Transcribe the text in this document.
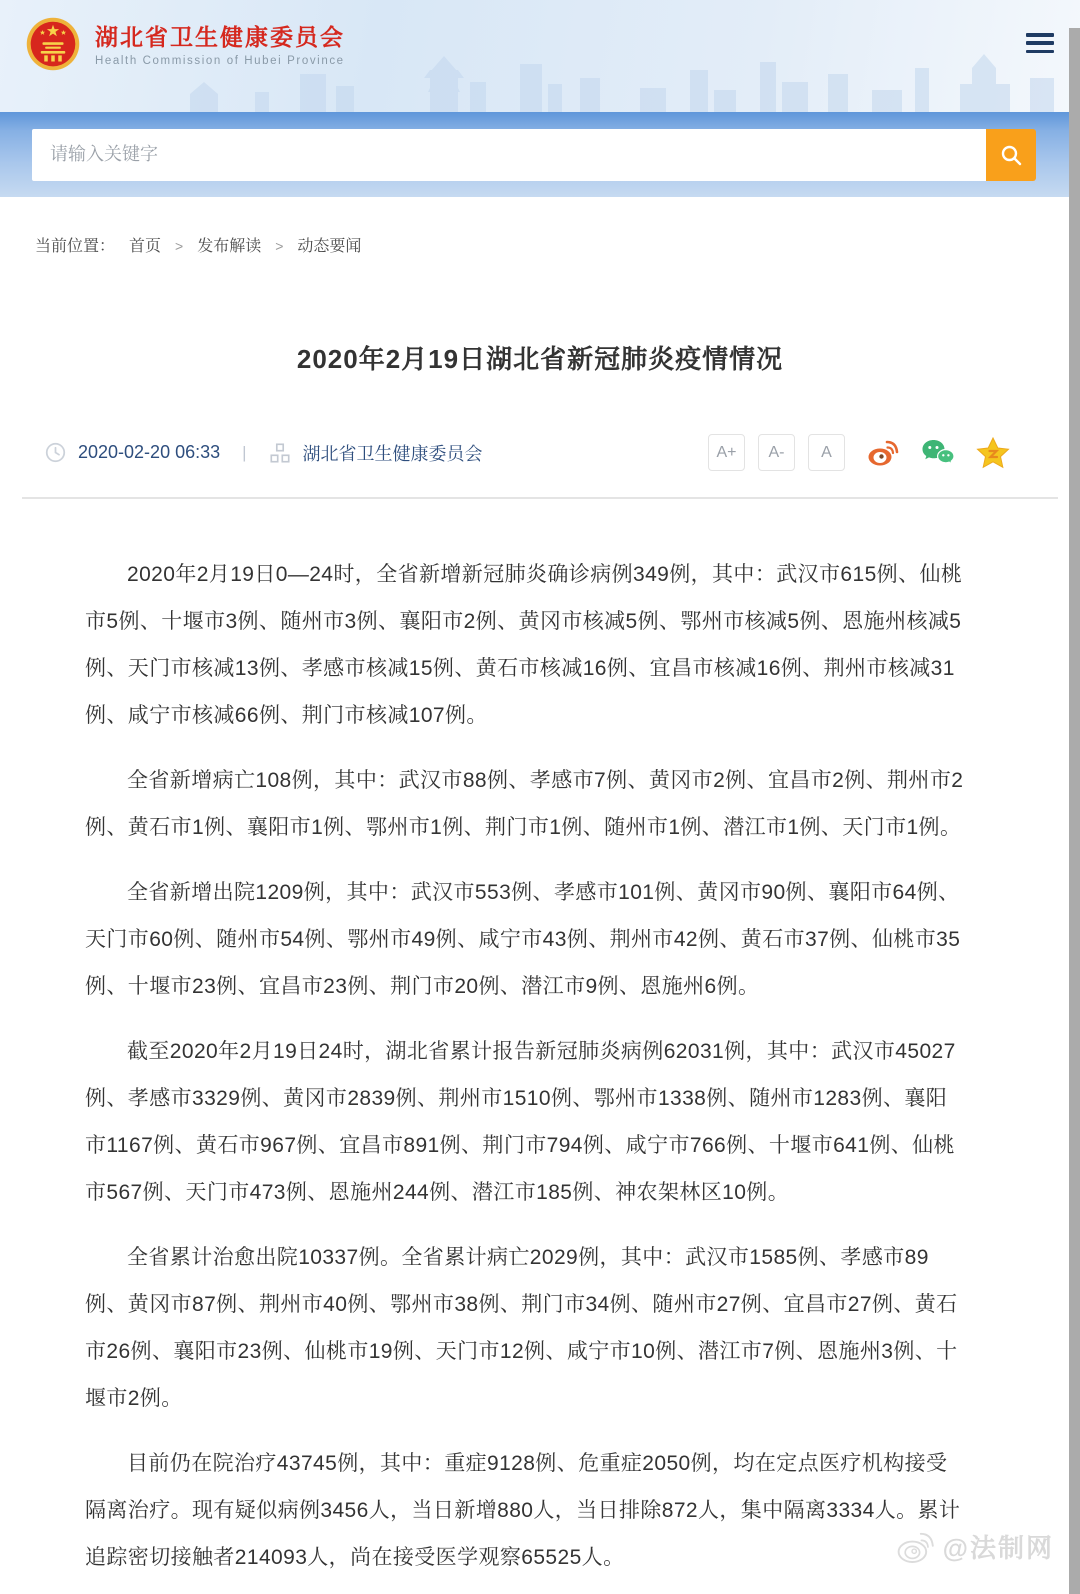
湖北省卫生健康委员会
Health Commission of Hubei Province
请输入关键字
当前位置： 首页 > 发布解读 > 动态要闻
2020年2月19日湖北省新冠肺炎疫情情况
2020-02-20 06:33 |	湖北省卫生健康委员会	A+	A-	A

2020年2月19日0—24时，全省新增新冠肺炎确诊病例349例，其中：武汉市615例、仙桃市5例、十堰市3例、随州市3例、襄阳市2例、黄冈市核减5例、鄂州市核减5例、恩施州核减5例、天门市核减13例、孝感市核减15例、黄石市核减16例、宜昌市核减16例、荆州市核减31例、咸宁市核减66例、荆门市核减107例。

全省新增病亡108例，其中：武汉市88例、孝感市7例、黄冈市2例、宜昌市2例、荆州市2例、黄石市1例、襄阳市1例、鄂州市1例、荆门市1例、随州市1例、潜江市1例、天门市1例。

全省新增出院1209例，其中：武汉市553例、孝感市101例、黄冈市90例、襄阳市64例、天门市60例、随州市54例、鄂州市49例、咸宁市43例、荆州市42例、黄石市37例、仙桃市35例、十堰市23例、宜昌市23例、荆门市20例、潜江市9例、恩施州6例。

截至2020年2月19日24时，湖北省累计报告新冠肺炎病例62031例，其中：武汉市45027例、孝感市3329例、黄冈市2839例、荆州市1510例、鄂州市1338例、随州市1283例、襄阳市1167例、黄石市967例、宜昌市891例、荆门市794例、咸宁市766例、十堰市641例、仙桃市567例、天门市473例、恩施州244例、潜江市185例、神农架林区10例。

全省累计治愈出院10337例。全省累计病亡2029例，其中：武汉市1585例、孝感市89例、黄冈市87例、荆州市40例、鄂州市38例、荆门市34例、随州市27例、宜昌市27例、黄石市26例、襄阳市23例、仙桃市19例、天门市12例、咸宁市10例、潜江市7例、恩施州3例、十堰市2例。

目前仍在院治疗43745例，其中：重症9128例、危重症2050例，均在定点医疗机构接受隔离治疗。现有疑似病例3456人，当日新增880人，当日排除872人，集中隔离3334人。累计追踪密切接触者214093人，尚在接受医学观察65525人。	@法制网
